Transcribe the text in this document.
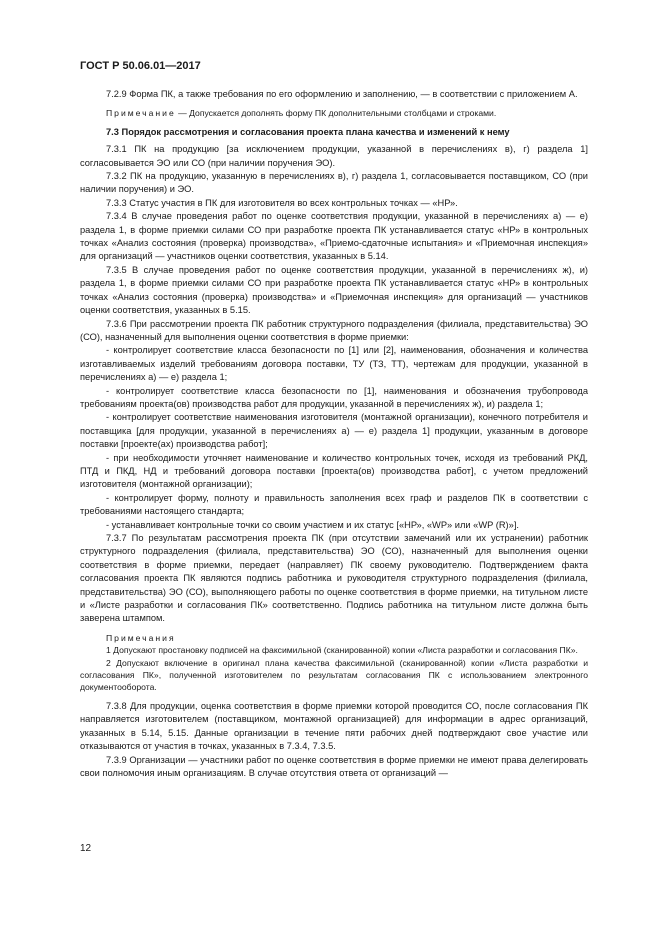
ГОСТ Р 50.06.01—2017

7.2.9 Форма ПК, а также требования по его оформлению и заполнению, — в соответствии с приложением А.

Примечание — Допускается дополнять форму ПК дополнительными столбцами и строками.

7.3 Порядок рассмотрения и согласования проекта плана качества и изменений к нему

7.3.1 ПК на продукцию [за исключением продукции, указанной в перечислениях в), г) раздела 1] согласовывается ЭО или СО (при наличии поручения ЭО).

7.3.2 ПК на продукцию, указанную в перечислениях в), г) раздела 1, согласовывается поставщиком, СО (при наличии поручения) и ЭО.

7.3.3 Статус участия в ПК для изготовителя во всех контрольных точках — «НР».

7.3.4 В случае проведения работ по оценке соответствия продукции, указанной в перечислениях а) — е) раздела 1, в форме приемки силами СО при разработке проекта ПК устанавливается статус «НР» в контрольных точках «Анализ состояния (проверка) производства», «Приемо-сдаточные испытания» и «Приемочная инспекция» для организаций — участников оценки соответствия, указанных в 5.14.

7.3.5 В случае проведения работ по оценке соответствия продукции, указанной в перечислениях ж), и) раздела 1, в форме приемки силами СО при разработке проекта ПК устанавливается статус «НР» в контрольных точках «Анализ состояния (проверка) производства» и «Приемочная инспекция» для организаций — участников оценки соответствия, указанных в 5.15.

7.3.6 При рассмотрении проекта ПК работник структурного подразделения (филиала, представительства) ЭО (СО), назначенный для выполнения оценки соответствия в форме приемки:

- контролирует соответствие класса безопасности по [1] или [2], наименования, обозначения и количества изготавливаемых изделий требованиям договора поставки, ТУ (ТЗ, ТТ), чертежам для продукции, указанной в перечислениях а) — е) раздела 1;

- контролирует соответствие класса безопасности по [1], наименования и обозначения трубопровода требованиям проекта(ов) производства работ для продукции, указанной в перечислениях ж), и) раздела 1;

- контролирует соответствие наименования изготовителя (монтажной организации), конечного потребителя и поставщика [для продукции, указанной в перечислениях а) — е) раздела 1] продукции, указанным в договоре поставки [проекте(ах) производства работ];

- при необходимости уточняет наименование и количество контрольных точек, исходя из требований РКД, ПТД и ПКД, НД и требований договора поставки [проекта(ов) производства работ], с учетом предложений изготовителя (монтажной организации);

- контролирует форму, полноту и правильность заполнения всех граф и разделов ПК в соответствии с требованиями настоящего стандарта;

- устанавливает контрольные точки со своим участием и их статус [«НР», «WP» или «WP (R)»].

7.3.7 По результатам рассмотрения проекта ПК (при отсутствии замечаний или их устранении) работник структурного подразделения (филиала, представительства) ЭО (СО), назначенный для выполнения оценки соответствия в форме приемки, передает (направляет) ПК своему руководителю. Подтверждением факта согласования проекта ПК являются подпись работника и руководителя структурного подразделения (филиала, представительства) ЭО (СО), выполняющего работы по оценке соответствия в форме приемки, на титульном листе и «Листе разработки и согласования ПК» соответственно. Подпись работника на титульном листе должна быть заверена штампом.

Примечания

1 Допускают простановку подписей на факсимильной (сканированной) копии «Листа разработки и согласования ПК».

2 Допускают включение в оригинал плана качества факсимильной (сканированной) копии «Листа разработки и согласования ПК», полученной изготовителем по результатам согласования ПК с использованием электронного документооборота.

7.3.8 Для продукции, оценка соответствия в форме приемки которой проводится СО, после согласования ПК направляется изготовителем (поставщиком, монтажной организацией) для информации в адрес организаций, указанных в 5.14, 5.15. Данные организации в течение пяти рабочих дней подтверждают свое участие или отказываются от участия в точках, указанных в 7.3.4, 7.3.5.

7.3.9 Организации — участники работ по оценке соответствия в форме приемки не имеют права делегировать свои полномочия иным организациям. В случае отсутствия ответа от организаций —

12
